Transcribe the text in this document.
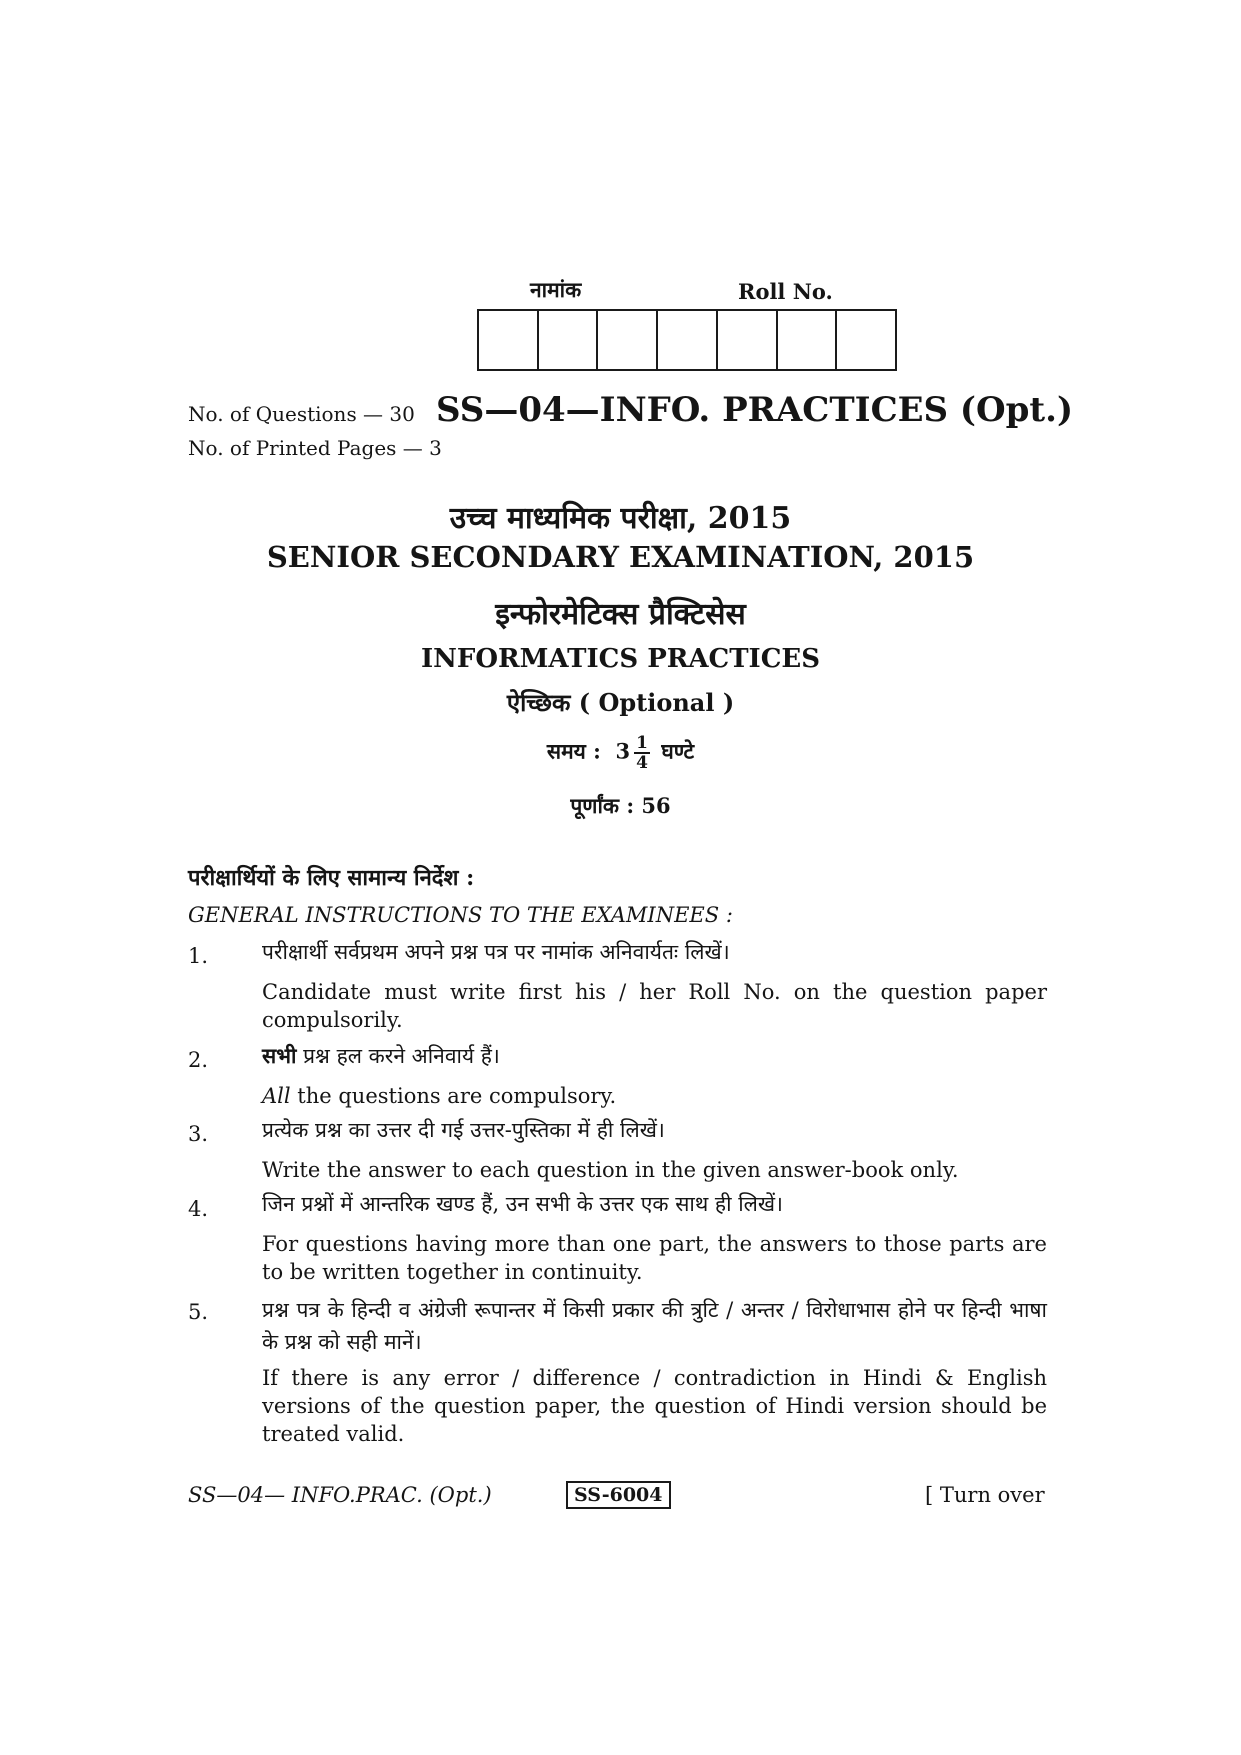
नामांक	Roll No.
No. of Questions — 30 SS—04—INFO. PRACTICES (Opt.)
No. of Printed Pages — 3
उच्च माध्यमिक परीक्षा, 2015
SENIOR SECONDARY EXAMINATION, 2015
इन्फोरमेटिक्स प्रैक्टिसेस
INFORMATICS PRACTICES
ऐच्छिक ( Optional )
समय : $3 \frac{1}{4}$ घण्टे
पूर्णांक : 56
परीक्षार्थियों के लिए सामान्य निर्देश :
GENERAL INSTRUCTIONS TO THE EXAMINEES :
1.	परीक्षार्थी सर्वप्रथम अपने प्रश्न पत्र पर नामांक अनिवार्यतः लिखें।
Candidate must write first his / her Roll No. on the question paper compulsorily.
2.	सभी प्रश्न हल करने अनिवार्य हैं।
All the questions are compulsory.
3.	प्रत्येक प्रश्न का उत्तर दी गई उत्तर-पुस्तिका में ही लिखें।
Write the answer to each question in the given answer-book only.
4.	जिन प्रश्नों में आन्तरिक खण्ड हैं, उन सभी के उत्तर एक साथ ही लिखें।
For questions having more than one part, the answers to those parts are to be written together in continuity.
5.	प्रश्न पत्र के हिन्दी व अंग्रेजी रूपान्तर में किसी प्रकार की त्रुटि / अन्तर / विरोधाभास होने पर हिन्दी भाषा के प्रश्न को सही मानें।
If there is any error / difference / contradiction in Hindi & English versions of the question paper, the question of Hindi version should be treated valid.
SS—04— INFO.PRAC. (Opt.)	SS-6004	[ Turn over
